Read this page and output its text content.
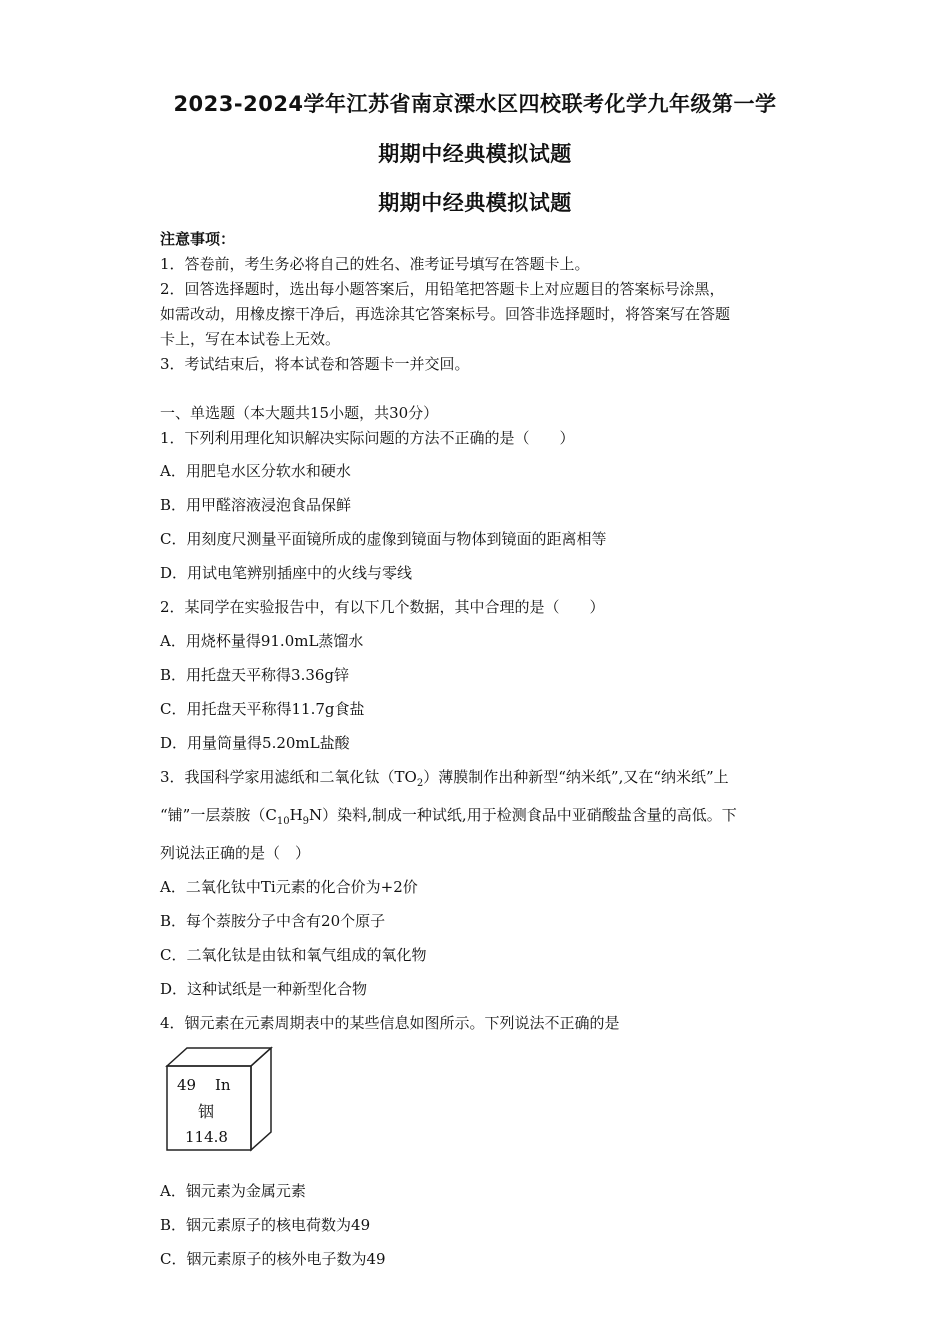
2023-2024学年江苏省南京溧水区四校联考化学九年级第一学
期期中经典模拟试题
期期中经典模拟试题
注意事项：
1．答卷前，考生务必将自己的姓名、准考证号填写在答题卡上。
2．回答选择题时，选出每小题答案后，用铅笔把答题卡上对应题目的答案标号涂黑，
如需改动，用橡皮擦干净后，再选涂其它答案标号。回答非选择题时，将答案写在答题
卡上，写在本试卷上无效。
3．考试结束后，将本试卷和答题卡一并交回。
一、单选题（本大题共15小题，共30分）
1．下列利用理化知识解决实际问题的方法不正确的是（　　）
A．用肥皂水区分软水和硬水
B．用甲醛溶液浸泡食品保鲜
C．用刻度尺测量平面镜所成的虚像到镜面与物体到镜面的距离相等
D．用试电笔辨别插座中的火线与零线
2．某同学在实验报告中，有以下几个数据，其中合理的是（　　）
A．用烧杯量得91.0mL蒸馏水
B．用托盘天平称得3.36g锌
C．用托盘天平称得11.7g食盐
D．用量筒量得5.20mL盐酸
3．我国科学家用滤纸和二氧化钛$(TO_2)$薄膜制作出种新型“纳米纸”,又在“纳米纸”上
“铺”一层萘胺$(C_{10}H_9N)$染料,制成一种试纸,用于检测食品中亚硝酸盐含量的高低。下
列说法正确的是（　）
A．二氧化钛中Ti元素的化合价为+2价
B．每个萘胺分子中含有20个原子
C．二氧化钛是由钛和氧气组成的氧化物
D．这种试纸是一种新型化合物
4．铟元素在元素周期表中的某些信息如图所示。下列说法不正确的是
49 In
铟
114.8
A．铟元素为金属元素
B．铟元素原子的核电荷数为49
C．铟元素原子的核外电子数为49
